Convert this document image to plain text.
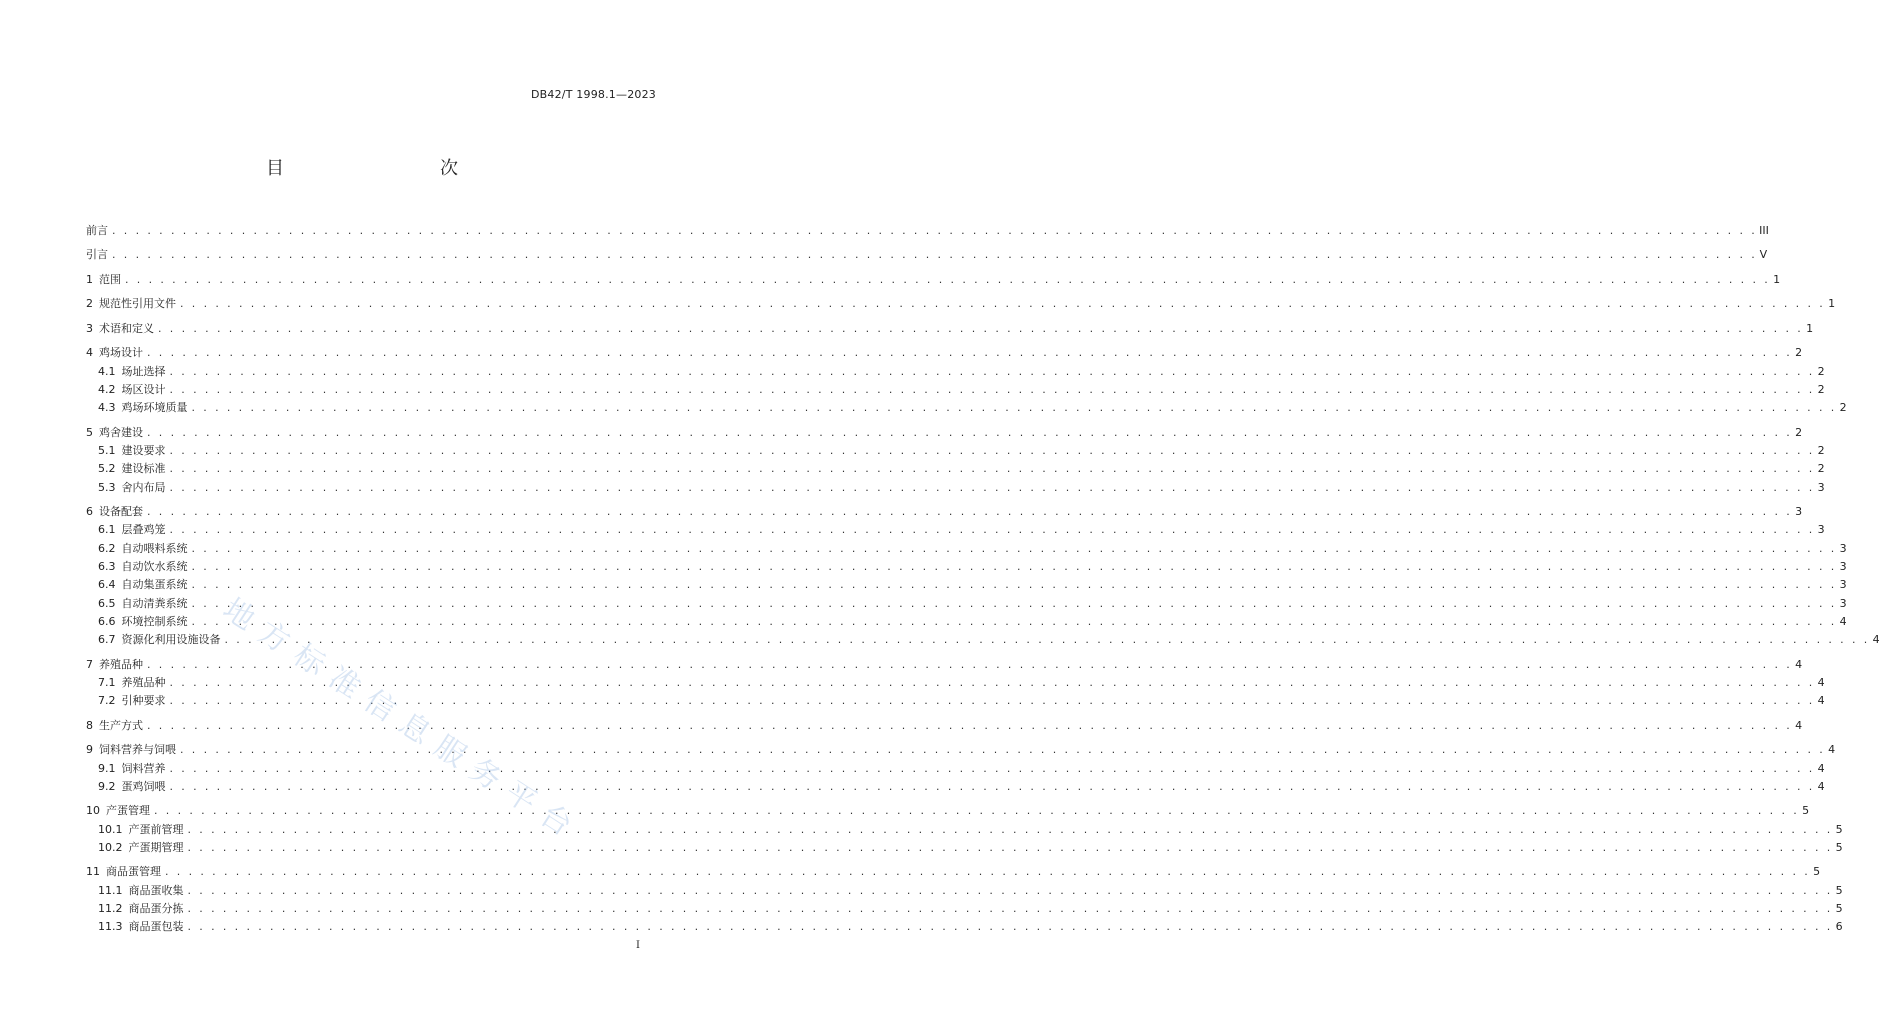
DB42/T 1998.1—2023
目　　次
前言 . . . . . . . . . . . . . . . . . . . . . . . . . . . . . . . . . . . . . . . . . . . . . . . . . . . . . . . . . . . . . . . . . . . . . . . . . . . . . . . . . . . . . . . . . . . . . . . . . . . . . . . . . . . . . . . . . . . . . . . . . . . . . . . . . . . . . . . . . . . . III
引言 . . . . . . . . . . . . . . . . . . . . . . . . . . . . . . . . . . . . . . . . . . . . . . . . . . . . . . . . . . . . . . . . . . . . . . . . . . . . . . . . . . . . . . . . . . . . . . . . . . . . . . . . . . . . . . . . . . . . . . . . . . . . . . . . . . . . . . . . . . . . V
1 范围 . . . . . . . . . . . . . . . . . . . . . . . . . . . . . . . . . . . . . . . . . . . . . . . . . . . . . . . . . . . . . . . . . . . . . . . . . . . . . . . . . . . . . . . . . . . . . . . . . . . . . . . . . . . . . . . . . . . . . . . . . . . . . . . . . . . . . . . . . . . . 1
2 规范性引用文件 . . . . . . . . . . . . . . . . . . . . . . . . . . . . . . . . . . . . . . . . . . . . . . . . . . . . . . . . . . . . . . . . . . . . . . . . . . . . . . . . . . . . . . . . . . . . . . . . . . . . . . . . . . . . . . . . . . . . . . . . . . . . . . . . . . . . . . . . . . . . 1
3 术语和定义 . . . . . . . . . . . . . . . . . . . . . . . . . . . . . . . . . . . . . . . . . . . . . . . . . . . . . . . . . . . . . . . . . . . . . . . . . . . . . . . . . . . . . . . . . . . . . . . . . . . . . . . . . . . . . . . . . . . . . . . . . . . . . . . . . . . . . . . . . . . . 1
4 鸡场设计 . . . . . . . . . . . . . . . . . . . . . . . . . . . . . . . . . . . . . . . . . . . . . . . . . . . . . . . . . . . . . . . . . . . . . . . . . . . . . . . . . . . . . . . . . . . . . . . . . . . . . . . . . . . . . . . . . . . . . . . . . . . . . . . . . . . . . . . . . . . . 2
4.1 场址选择 . . . . . . . . . . . . . . . . . . . . . . . . . . . . . . . . . . . . . . . . . . . . . . . . . . . . . . . . . . . . . . . . . . . . . . . . . . . . . . . . . . . . . . . . . . . . . . . . . . . . . . . . . . . . . . . . . . . . . . . . . . . . . . . . . . . . . . . . . . . . 2
4.2 场区设计 . . . . . . . . . . . . . . . . . . . . . . . . . . . . . . . . . . . . . . . . . . . . . . . . . . . . . . . . . . . . . . . . . . . . . . . . . . . . . . . . . . . . . . . . . . . . . . . . . . . . . . . . . . . . . . . . . . . . . . . . . . . . . . . . . . . . . . . . . . . . 2
4.3 鸡场环境质量 . . . . . . . . . . . . . . . . . . . . . . . . . . . . . . . . . . . . . . . . . . . . . . . . . . . . . . . . . . . . . . . . . . . . . . . . . . . . . . . . . . . . . . . . . . . . . . . . . . . . . . . . . . . . . . . . . . . . . . . . . . . . . . . . . . . . . . . . . . . . 2
5 鸡舍建设 . . . . . . . . . . . . . . . . . . . . . . . . . . . . . . . . . . . . . . . . . . . . . . . . . . . . . . . . . . . . . . . . . . . . . . . . . . . . . . . . . . . . . . . . . . . . . . . . . . . . . . . . . . . . . . . . . . . . . . . . . . . . . . . . . . . . . . . . . . . . 2
5.1 建设要求 . . . . . . . . . . . . . . . . . . . . . . . . . . . . . . . . . . . . . . . . . . . . . . . . . . . . . . . . . . . . . . . . . . . . . . . . . . . . . . . . . . . . . . . . . . . . . . . . . . . . . . . . . . . . . . . . . . . . . . . . . . . . . . . . . . . . . . . . . . . . 2
5.2 建设标准 . . . . . . . . . . . . . . . . . . . . . . . . . . . . . . . . . . . . . . . . . . . . . . . . . . . . . . . . . . . . . . . . . . . . . . . . . . . . . . . . . . . . . . . . . . . . . . . . . . . . . . . . . . . . . . . . . . . . . . . . . . . . . . . . . . . . . . . . . . . . 2
5.3 舍内布局 . . . . . . . . . . . . . . . . . . . . . . . . . . . . . . . . . . . . . . . . . . . . . . . . . . . . . . . . . . . . . . . . . . . . . . . . . . . . . . . . . . . . . . . . . . . . . . . . . . . . . . . . . . . . . . . . . . . . . . . . . . . . . . . . . . . . . . . . . . . . 3
6 设备配套 . . . . . . . . . . . . . . . . . . . . . . . . . . . . . . . . . . . . . . . . . . . . . . . . . . . . . . . . . . . . . . . . . . . . . . . . . . . . . . . . . . . . . . . . . . . . . . . . . . . . . . . . . . . . . . . . . . . . . . . . . . . . . . . . . . . . . . . . . . . . 3
6.1 层叠鸡笼 . . . . . . . . . . . . . . . . . . . . . . . . . . . . . . . . . . . . . . . . . . . . . . . . . . . . . . . . . . . . . . . . . . . . . . . . . . . . . . . . . . . . . . . . . . . . . . . . . . . . . . . . . . . . . . . . . . . . . . . . . . . . . . . . . . . . . . . . . . . . 3
6.2 自动喂料系统 . . . . . . . . . . . . . . . . . . . . . . . . . . . . . . . . . . . . . . . . . . . . . . . . . . . . . . . . . . . . . . . . . . . . . . . . . . . . . . . . . . . . . . . . . . . . . . . . . . . . . . . . . . . . . . . . . . . . . . . . . . . . . . . . . . . . . . . . . . . . 3
6.3 自动饮水系统 . . . . . . . . . . . . . . . . . . . . . . . . . . . . . . . . . . . . . . . . . . . . . . . . . . . . . . . . . . . . . . . . . . . . . . . . . . . . . . . . . . . . . . . . . . . . . . . . . . . . . . . . . . . . . . . . . . . . . . . . . . . . . . . . . . . . . . . . . . . . 3
6.4 自动集蛋系统 . . . . . . . . . . . . . . . . . . . . . . . . . . . . . . . . . . . . . . . . . . . . . . . . . . . . . . . . . . . . . . . . . . . . . . . . . . . . . . . . . . . . . . . . . . . . . . . . . . . . . . . . . . . . . . . . . . . . . . . . . . . . . . . . . . . . . . . . . . . . 3
6.5 自动清粪系统 . . . . . . . . . . . . . . . . . . . . . . . . . . . . . . . . . . . . . . . . . . . . . . . . . . . . . . . . . . . . . . . . . . . . . . . . . . . . . . . . . . . . . . . . . . . . . . . . . . . . . . . . . . . . . . . . . . . . . . . . . . . . . . . . . . . . . . . . . . . . 3
6.6 环境控制系统 . . . . . . . . . . . . . . . . . . . . . . . . . . . . . . . . . . . . . . . . . . . . . . . . . . . . . . . . . . . . . . . . . . . . . . . . . . . . . . . . . . . . . . . . . . . . . . . . . . . . . . . . . . . . . . . . . . . . . . . . . . . . . . . . . . . . . . . . . . . . 4
6.7 资源化利用设施设备 . . . . . . . . . . . . . . . . . . . . . . . . . . . . . . . . . . . . . . . . . . . . . . . . . . . . . . . . . . . . . . . . . . . . . . . . . . . . . . . . . . . . . . . . . . . . . . . . . . . . . . . . . . . . . . . . . . . . . . . . . . . . . . . . . . . . . . . . . . . . 4
7 养殖品种 . . . . . . . . . . . . . . . . . . . . . . . . . . . . . . . . . . . . . . . . . . . . . . . . . . . . . . . . . . . . . . . . . . . . . . . . . . . . . . . . . . . . . . . . . . . . . . . . . . . . . . . . . . . . . . . . . . . . . . . . . . . . . . . . . . . . . . . . . . . . 4
7.1 养殖品种 . . . . . . . . . . . . . . . . . . . . . . . . . . . . . . . . . . . . . . . . . . . . . . . . . . . . . . . . . . . . . . . . . . . . . . . . . . . . . . . . . . . . . . . . . . . . . . . . . . . . . . . . . . . . . . . . . . . . . . . . . . . . . . . . . . . . . . . . . . . . 4
7.2 引种要求 . . . . . . . . . . . . . . . . . . . . . . . . . . . . . . . . . . . . . . . . . . . . . . . . . . . . . . . . . . . . . . . . . . . . . . . . . . . . . . . . . . . . . . . . . . . . . . . . . . . . . . . . . . . . . . . . . . . . . . . . . . . . . . . . . . . . . . . . . . . . 4
8 生产方式 . . . . . . . . . . . . . . . . . . . . . . . . . . . . . . . . . . . . . . . . . . . . . . . . . . . . . . . . . . . . . . . . . . . . . . . . . . . . . . . . . . . . . . . . . . . . . . . . . . . . . . . . . . . . . . . . . . . . . . . . . . . . . . . . . . . . . . . . . . . . 4
9 饲料营养与饲喂 . . . . . . . . . . . . . . . . . . . . . . . . . . . . . . . . . . . . . . . . . . . . . . . . . . . . . . . . . . . . . . . . . . . . . . . . . . . . . . . . . . . . . . . . . . . . . . . . . . . . . . . . . . . . . . . . . . . . . . . . . . . . . . . . . . . . . . . . . . . . 4
9.1 饲料营养 . . . . . . . . . . . . . . . . . . . . . . . . . . . . . . . . . . . . . . . . . . . . . . . . . . . . . . . . . . . . . . . . . . . . . . . . . . . . . . . . . . . . . . . . . . . . . . . . . . . . . . . . . . . . . . . . . . . . . . . . . . . . . . . . . . . . . . . . . . . . 4
9.2 蛋鸡饲喂 . . . . . . . . . . . . . . . . . . . . . . . . . . . . . . . . . . . . . . . . . . . . . . . . . . . . . . . . . . . . . . . . . . . . . . . . . . . . . . . . . . . . . . . . . . . . . . . . . . . . . . . . . . . . . . . . . . . . . . . . . . . . . . . . . . . . . . . . . . . . 4
10 产蛋管理 . . . . . . . . . . . . . . . . . . . . . . . . . . . . . . . . . . . . . . . . . . . . . . . . . . . . . . . . . . . . . . . . . . . . . . . . . . . . . . . . . . . . . . . . . . . . . . . . . . . . . . . . . . . . . . . . . . . . . . . . . . . . . . . . . . . . . . . . . . . . 5
10.1 产蛋前管理 . . . . . . . . . . . . . . . . . . . . . . . . . . . . . . . . . . . . . . . . . . . . . . . . . . . . . . . . . . . . . . . . . . . . . . . . . . . . . . . . . . . . . . . . . . . . . . . . . . . . . . . . . . . . . . . . . . . . . . . . . . . . . . . . . . . . . . . . . . . . 5
10.2 产蛋期管理 . . . . . . . . . . . . . . . . . . . . . . . . . . . . . . . . . . . . . . . . . . . . . . . . . . . . . . . . . . . . . . . . . . . . . . . . . . . . . . . . . . . . . . . . . . . . . . . . . . . . . . . . . . . . . . . . . . . . . . . . . . . . . . . . . . . . . . . . . . . . 5
11 商品蛋管理 . . . . . . . . . . . . . . . . . . . . . . . . . . . . . . . . . . . . . . . . . . . . . . . . . . . . . . . . . . . . . . . . . . . . . . . . . . . . . . . . . . . . . . . . . . . . . . . . . . . . . . . . . . . . . . . . . . . . . . . . . . . . . . . . . . . . . . . . . . . . 5
11.1 商品蛋收集 . . . . . . . . . . . . . . . . . . . . . . . . . . . . . . . . . . . . . . . . . . . . . . . . . . . . . . . . . . . . . . . . . . . . . . . . . . . . . . . . . . . . . . . . . . . . . . . . . . . . . . . . . . . . . . . . . . . . . . . . . . . . . . . . . . . . . . . . . . . . 5
11.2 商品蛋分拣 . . . . . . . . . . . . . . . . . . . . . . . . . . . . . . . . . . . . . . . . . . . . . . . . . . . . . . . . . . . . . . . . . . . . . . . . . . . . . . . . . . . . . . . . . . . . . . . . . . . . . . . . . . . . . . . . . . . . . . . . . . . . . . . . . . . . . . . . . . . . 5
11.3 商品蛋包装 . . . . . . . . . . . . . . . . . . . . . . . . . . . . . . . . . . . . . . . . . . . . . . . . . . . . . . . . . . . . . . . . . . . . . . . . . . . . . . . . . . . . . . . . . . . . . . . . . . . . . . . . . . . . . . . . . . . . . . . . . . . . . . . . . . . . . . . . . . . . 6
地方标准信息服务平台
I
